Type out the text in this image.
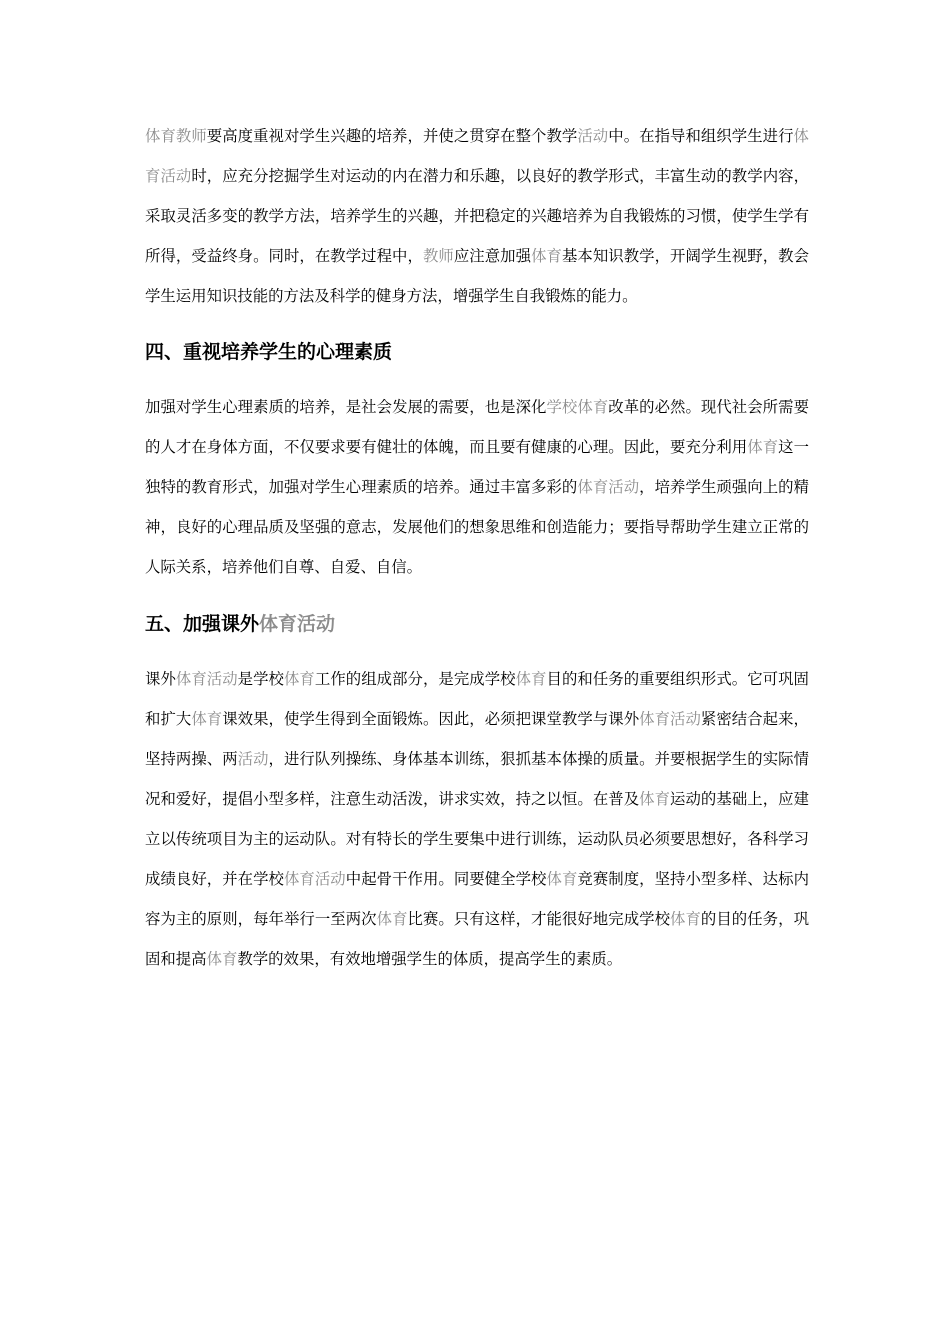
体育教师要高度重视对学生兴趣的培养，并使之贯穿在整个教学活动中。在指导和组织学生进行体育活动时，应充分挖掘学生对运动的内在潜力和乐趣，以良好的教学形式，丰富生动的教学内容，采取灵活多变的教学方法，培养学生的兴趣，并把稳定的兴趣培养为自我锻炼的习惯，使学生学有所得，受益终身。同时，在教学过程中，教师应注意加强体育基本知识教学，开阔学生视野，教会学生运用知识技能的方法及科学的健身方法，增强学生自我锻炼的能力。

四、重视培养学生的心理素质

加强对学生心理素质的培养，是社会发展的需要，也是深化学校体育改革的必然。现代社会所需要的人才在身体方面，不仅要求要有健壮的体魄，而且要有健康的心理。因此，要充分利用体育这一独特的教育形式，加强对学生心理素质的培养。通过丰富多彩的体育活动，培养学生顽强向上的精神，良好的心理品质及坚强的意志，发展他们的想象思维和创造能力；要指导帮助学生建立正常的人际关系，培养他们自尊、自爱、自信。

五、加强课外体育活动

课外体育活动是学校体育工作的组成部分，是完成学校体育目的和任务的重要组织形式。它可巩固和扩大体育课效果，使学生得到全面锻炼。因此，必须把课堂教学与课外体育活动紧密结合起来，坚持两操、两活动，进行队列操练、身体基本训练，狠抓基本体操的质量。并要根据学生的实际情况和爱好，提倡小型多样，注意生动活泼，讲求实效，持之以恒。在普及体育运动的基础上，应建立以传统项目为主的运动队。对有特长的学生要集中进行训练，运动队员必须要思想好，各科学习成绩良好，并在学校体育活动中起骨干作用。同要健全学校体育竞赛制度，坚持小型多样、达标内容为主的原则，每年举行一至两次体育比赛。只有这样，才能很好地完成学校体育的目的任务，巩固和提高体育教学的效果，有效地增强学生的体质，提高学生的素质。
